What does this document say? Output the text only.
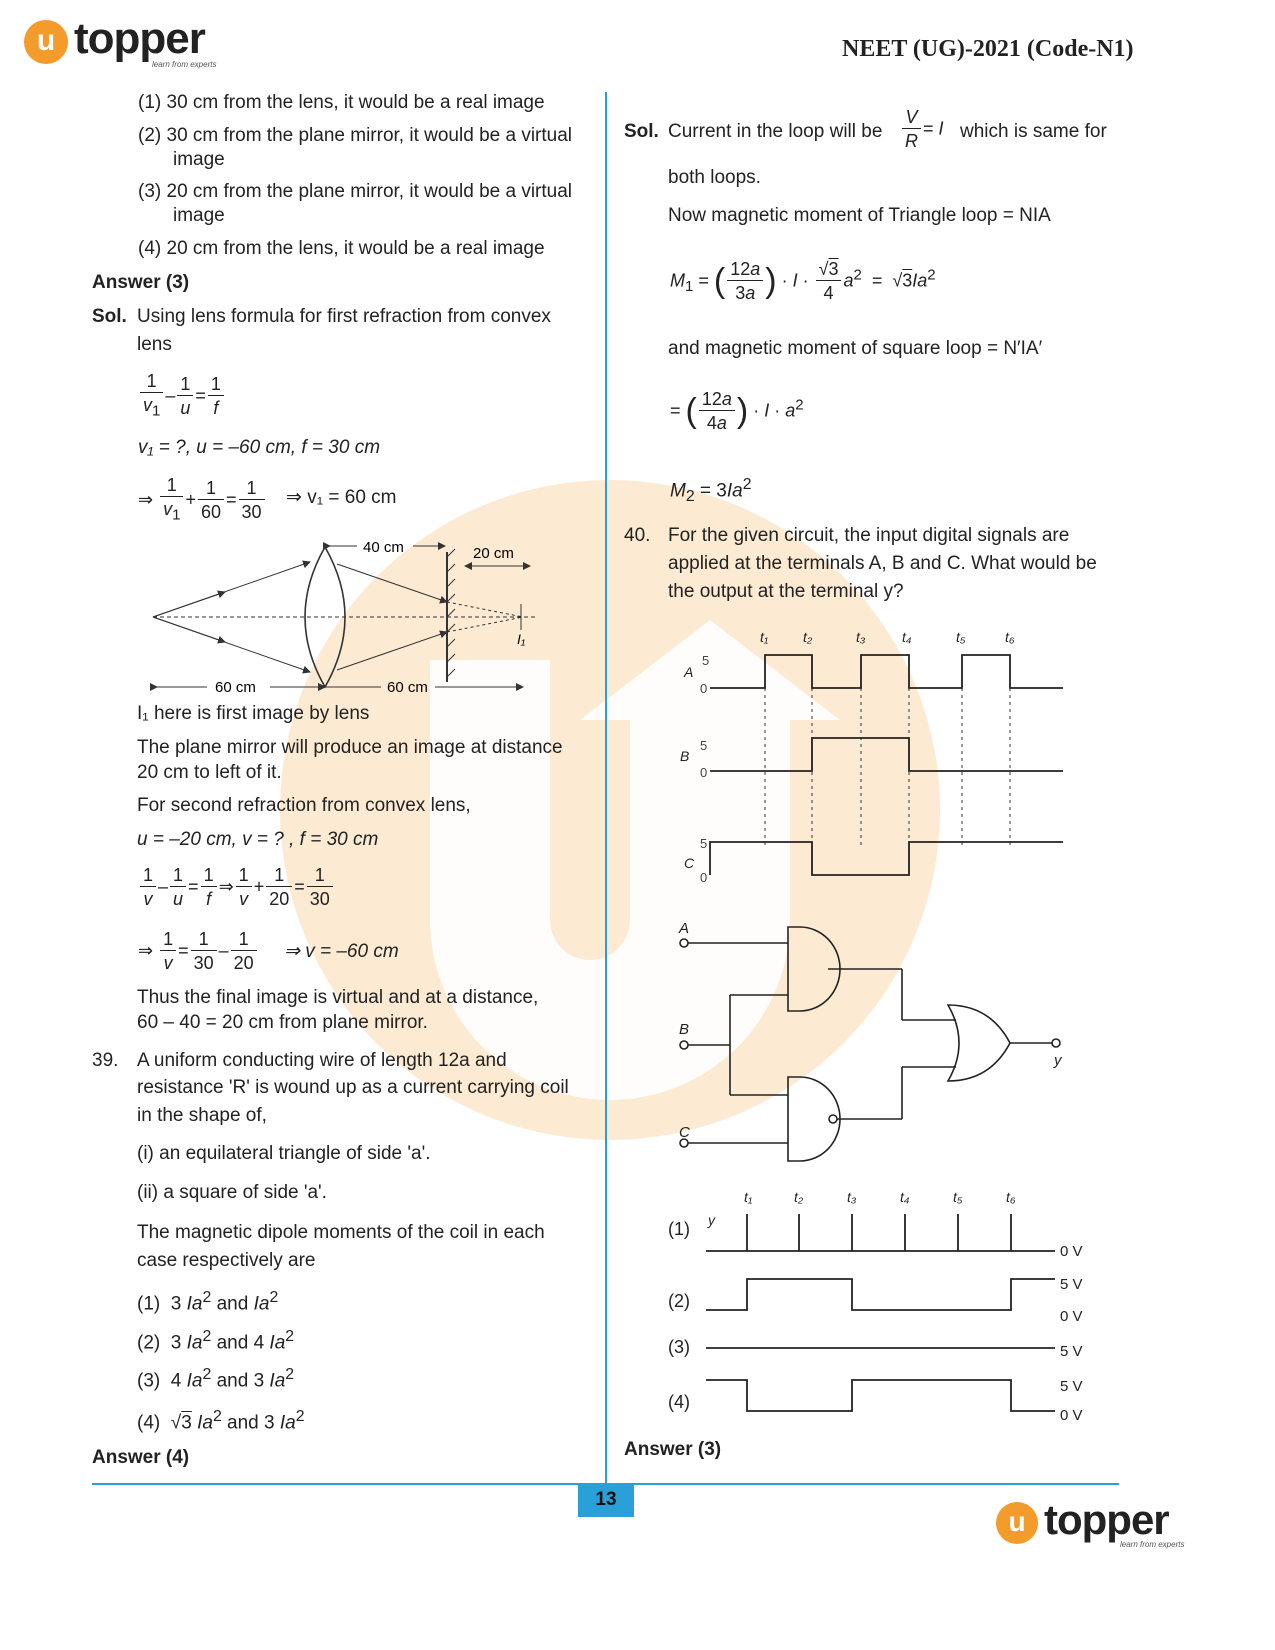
u topper
learn from experts
NEET (UG)-2021 (Code-N1)
(1) 30 cm from the lens, it would be a real image
(2) 30 cm from the plane mirror, it would be a virtual
image
(3) 20 cm from the plane mirror, it would be a virtual
image
(4) 20 cm from the lens, it would be a real image
Answer (3)
Sol. Using lens formula for first refraction from convex
lens
$\frac{1}{v_1} - \frac{1}{u} = \frac{1}{f}$
v₁ = ?, u = –60 cm, f = 30 cm
⇒ $\frac{1}{v_1} + \frac{1}{60} = \frac{1}{30}$ ⇒ v₁ = 60 cm
40 cm	20 cm
60 cm	60 cm
I₁
I₁ here is first image by lens
The plane mirror will produce an image at distance
20 cm to left of it.
For second refraction from convex lens,
u = –20 cm, v = ? , f = 30 cm
$\frac{1}{v} - \frac{1}{u} = \frac{1}{f}$ ⇒ $\frac{1}{v} + \frac{1}{20} = \frac{1}{30}$
⇒ $\frac{1}{v} = \frac{1}{30} - \frac{1}{20}$ ⇒ v = –60 cm
Thus the final image is virtual and at a distance,
60 – 40 = 20 cm from plane mirror.
39. A uniform conducting wire of length 12a and
resistance 'R' is wound up as a current carrying coil
in the shape of,
(i) an equilateral triangle of side 'a'.
(ii) a square of side 'a'.
The magnetic dipole moments of the coil in each
case respectively are
(1)  3 Ia$^2$ and Ia$^2$
(2)  3 Ia$^2$ and 4 Ia$^2$
(3)  4 Ia$^2$ and 3 Ia$^2$
(4)  √3 Ia$^2$ and 3 Ia$^2$
Answer (4)
Sol. Current in the loop will be $\frac{V}{R} = I$ which is same for
both loops.
Now magnetic moment of Triangle loop = NIA
$M_1$ = ( $\frac{12a}{3a}$ ) · $I \cdot \frac{√3}{4} a^2 = √3Ia^2$
and magnetic moment of square loop = N′IA′
= ( $\frac{12a}{4a}$ ) · $I \cdot a^2$
$M_2 = 3Ia^2$
40. For the given circuit, the input digital signals are
applied at the terminals A, B and C. What would be
the output at the terminal y?
t₁ t₂	t₃	t₄	t₅	t₆
A
B
C
5
0
5
0
5
0
A
B
C
y
t₁	t₂	t₃	t₄	t₅	t₆
y
(1)
(2)
(3)
(4)
0 V
5 V
0 V
5 V
5 V
0 V
Answer (3)
13
u topper
learn from experts
